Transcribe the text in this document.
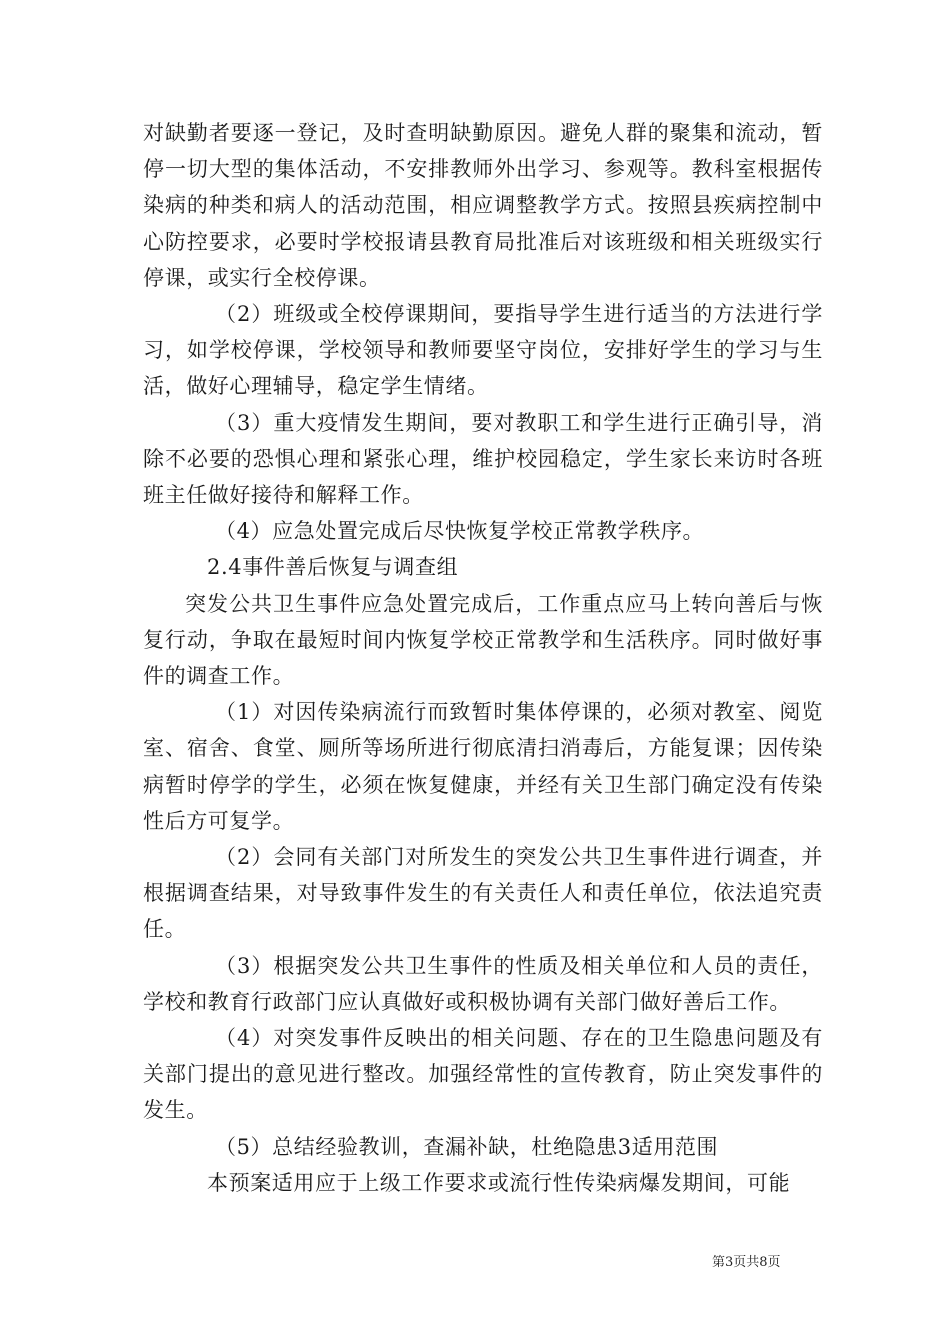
对缺勤者要逐一登记，及时查明缺勤原因。避免人群的聚集和流动，暂停一切大型的集体活动，不安排教师外出学习、参观等。教科室根据传染病的种类和病人的活动范围，相应调整教学方式。按照县疾病控制中心防控要求，必要时学校报请县教育局批准后对该班级和相关班级实行停课，或实行全校停课。

（2）班级或全校停课期间，要指导学生进行适当的方法进行学习，如学校停课，学校领导和教师要坚守岗位，安排好学生的学习与生活，做好心理辅导，稳定学生情绪。

（3）重大疫情发生期间，要对教职工和学生进行正确引导，消除不必要的恐惧心理和紧张心理，维护校园稳定，学生家长来访时各班班主任做好接待和解释工作。

（4）应急处置完成后尽快恢复学校正常教学秩序。

2.4事件善后恢复与调查组

突发公共卫生事件应急处置完成后，工作重点应马上转向善后与恢复行动，争取在最短时间内恢复学校正常教学和生活秩序。同时做好事件的调查工作。

（1）对因传染病流行而致暂时集体停课的，必须对教室、阅览室、宿舍、食堂、厕所等场所进行彻底清扫消毒后，方能复课；因传染病暂时停学的学生，必须在恢复健康，并经有关卫生部门确定没有传染性后方可复学。

（2）会同有关部门对所发生的突发公共卫生事件进行调查，并根据调查结果，对导致事件发生的有关责任人和责任单位，依法追究责任。

（3）根据突发公共卫生事件的性质及相关单位和人员的责任，学校和教育行政部门应认真做好或积极协调有关部门做好善后工作。

（4）对突发事件反映出的相关问题、存在的卫生隐患问题及有关部门提出的意见进行整改。加强经常性的宣传教育，防止突发事件的发生。

（5）总结经验教训，查漏补缺，杜绝隐患3适用范围

本预案适用应于上级工作要求或流行性传染病爆发期间，可能

第3页共8页
